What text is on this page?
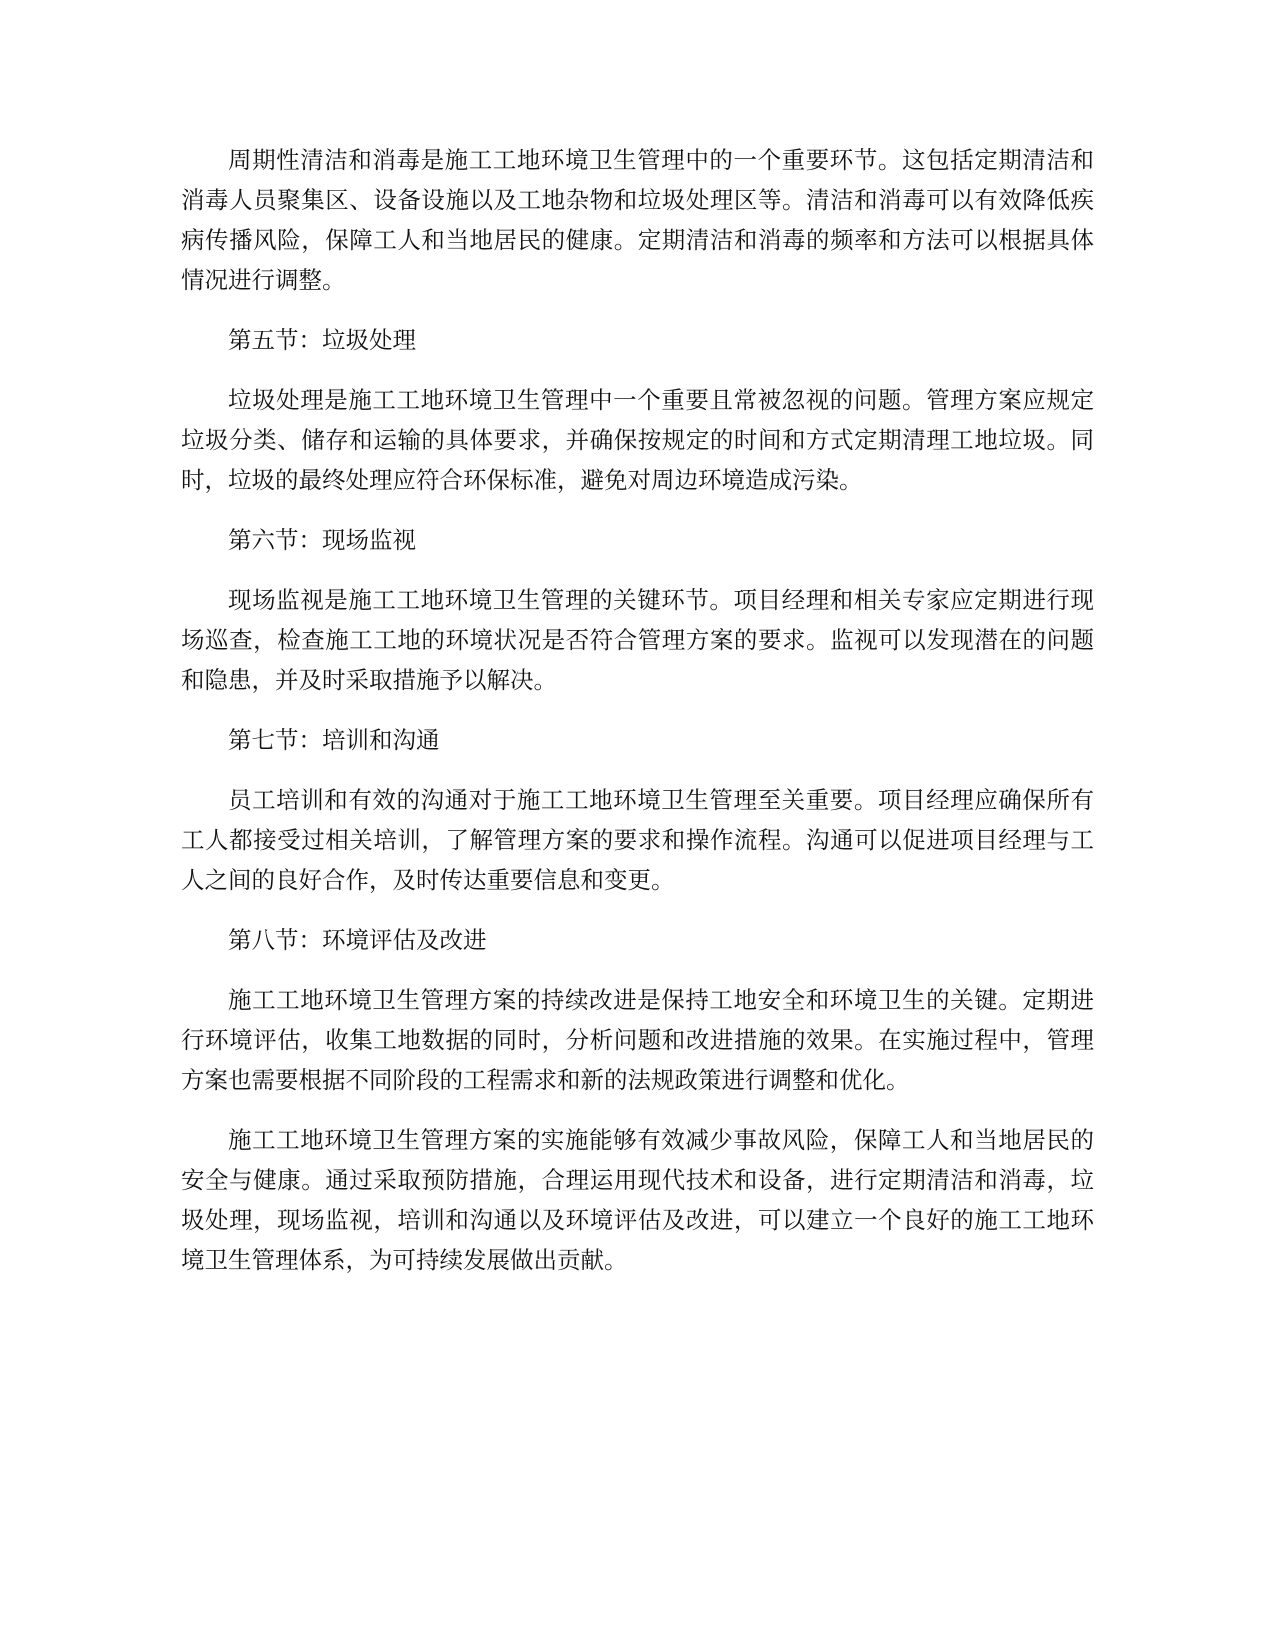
周期性清洁和消毒是施工工地环境卫生管理中的一个重要环节。这包括定期清洁和消毒人员聚集区、设备设施以及工地杂物和垃圾处理区等。清洁和消毒可以有效降低疾病传播风险，保障工人和当地居民的健康。定期清洁和消毒的频率和方法可以根据具体情况进行调整。

第五节：垃圾处理

垃圾处理是施工工地环境卫生管理中一个重要且常被忽视的问题。管理方案应规定垃圾分类、储存和运输的具体要求，并确保按规定的时间和方式定期清理工地垃圾。同时，垃圾的最终处理应符合环保标准，避免对周边环境造成污染。

第六节：现场监视

现场监视是施工工地环境卫生管理的关键环节。项目经理和相关专家应定期进行现场巡查，检查施工工地的环境状况是否符合管理方案的要求。监视可以发现潜在的问题和隐患，并及时采取措施予以解决。

第七节：培训和沟通

员工培训和有效的沟通对于施工工地环境卫生管理至关重要。项目经理应确保所有工人都接受过相关培训，了解管理方案的要求和操作流程。沟通可以促进项目经理与工人之间的良好合作，及时传达重要信息和变更。

第八节：环境评估及改进

施工工地环境卫生管理方案的持续改进是保持工地安全和环境卫生的关键。定期进行环境评估，收集工地数据的同时，分析问题和改进措施的效果。在实施过程中，管理方案也需要根据不同阶段的工程需求和新的法规政策进行调整和优化。

施工工地环境卫生管理方案的实施能够有效减少事故风险，保障工人和当地居民的安全与健康。通过采取预防措施，合理运用现代技术和设备，进行定期清洁和消毒，垃圾处理，现场监视，培训和沟通以及环境评估及改进，可以建立一个良好的施工工地环境卫生管理体系，为可持续发展做出贡献。
